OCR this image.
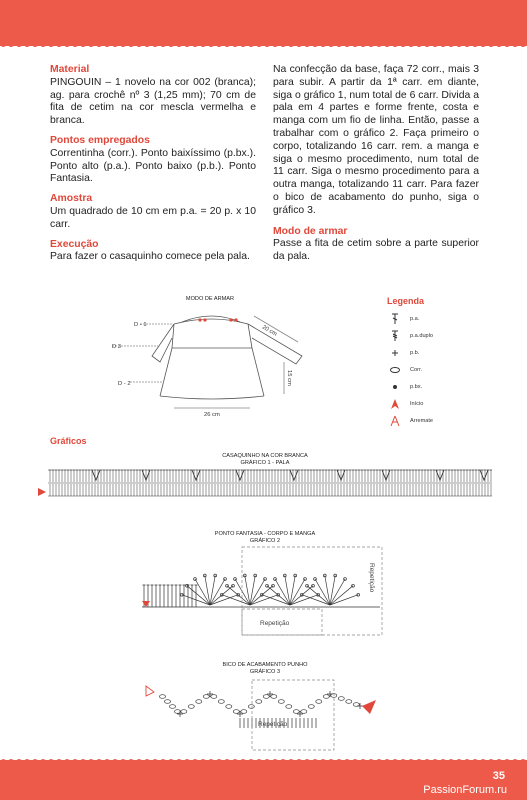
Material
PINGOUIN – 1 novelo na cor 002 (branca); ag. para crochê nº 3 (1,25 mm); 70 cm de fita de cetim na cor mescla vermelha e branca.
Pontos empregados
Correntinha (corr.). Ponto baixíssimo (p.bx.). Ponto alto (p.a.). Ponto baixo (p.b.). Ponto Fantasia.
Amostra
Um quadrado de 10 cm em p.a. = 20 p. x 10 carr.
Execução
Para fazer o casaquinho comece pela pala.
Na confecção da base, faça 72 corr., mais 3 para subir. A partir da 1ª carr. em diante, siga o gráfico 1, num total de 6 carr. Divida a pala em 4 partes e forme frente, costa e manga com um fio de linha. Então, passe a trabalhar com o gráfico 2. Faça primeiro o corpo, totalizando 16 carr. rem. a manga e siga o mesmo procedimento, num total de 11 carr. Siga o mesmo procedimento para a outra manga, totalizando 11 carr. Para fazer o bico de acabamento do punho, siga o gráfico 3.
Modo de armar
Passe a fita de cetim sobre a parte superior da pala.
MODO DE ARMAR
D - 1
D 3
D - 2
20 cm
15 cm
26 cm
Legenda
p.a.
p.a.duplo
p.b.
Corr.
p.bx.
Início
Arremate
Gráficos
CASAQUINHO NA COR BRANCA
GRÁFICO 1 - PALA
PONTO FANTASIA - CORPO E MANGA
GRÁFICO 2
Repetição
Repetição
BICO DE ACABAMENTO PUNHO
GRÁFICO 3
Repetição
35
PassionForum.ru
